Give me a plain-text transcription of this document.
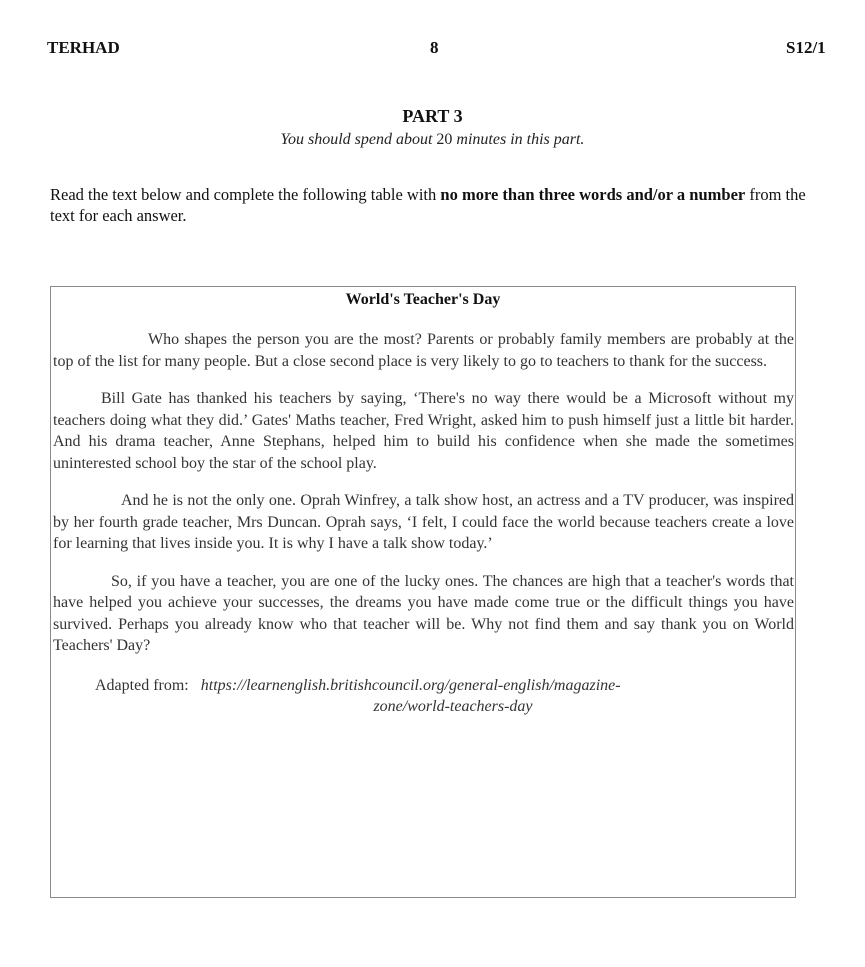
TERHAD	8	S12/1
PART 3
You should spend about 20 minutes in this part.
Read the text below and complete the following table with no more than three words and/or a number from the text for each answer.
World's Teacher's Day
Who shapes the person you are the most? Parents or probably family members are probably at the top of the list for many people. But a close second place is very likely to go to teachers to thank for the success.
Bill Gate has thanked his teachers by saying, ‘There's no way there would be a Microsoft without my teachers doing what they did.’ Gates' Maths teacher, Fred Wright, asked him to push himself just a little bit harder. And his drama teacher, Anne Stephans, helped him to build his confidence when she made the sometimes uninterested school boy the star of the school play.
And he is not the only one. Oprah Winfrey, a talk show host, an actress and a TV producer, was inspired by her fourth grade teacher, Mrs Duncan. Oprah says, ‘I felt, I could face the world because teachers create a love for learning that lives inside you. It is why I have a talk show today.’
So, if you have a teacher, you are one of the lucky ones. The chances are high that a teacher's words that have helped you achieve your successes, the dreams you have made come true or the difficult things you have survived. Perhaps you already know who that teacher will be. Why not find them and say thank you on World Teachers' Day?
Adapted from: https://learnenglish.britishcouncil.org/general-english/magazine-
zone/world-teachers-day
